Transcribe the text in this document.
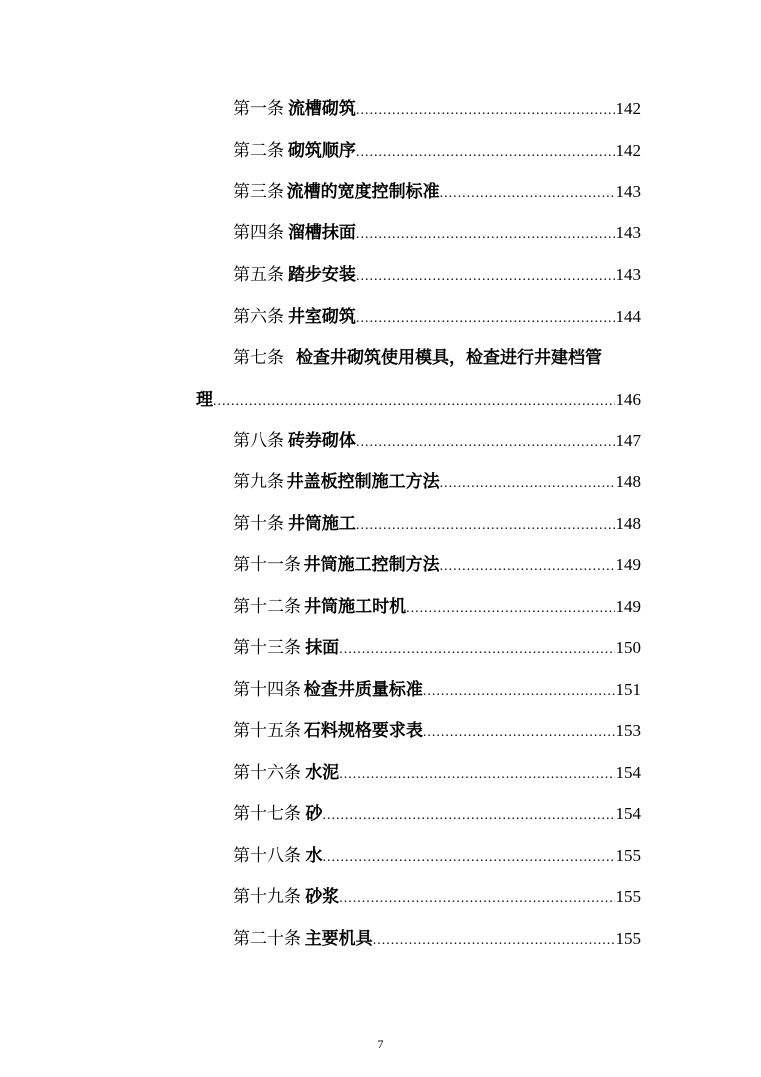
第一条 流槽砌筑 .....	142
第二条 砌筑顺序 .....	142
第三条 流槽的宽度控制标准 .....	143
第四条 溜槽抹面 .....	143
第五条 踏步安装 .....	143
第六条 井室砌筑 .....	144
第七条 检查井砌筑使用模具，检查进行井建档管
理 .....	146
第八条 砖券砌体 .....	147
第九条 井盖板控制施工方法 .....	148
第十条 井筒施工 .....	148
第十一条 井筒施工控制方法 .....	149
第十二条 井筒施工时机 .....	149
第十三条 抹面 .....	150
第十四条 检查井质量标准 .....	151
第十五条 石料规格要求表 .....	153
第十六条 水泥 .....	154
第十七条 砂 .....	154
第十八条 水 .....	155
第十九条 砂浆 .....	155
第二十条 主要机具 .....	155
7
